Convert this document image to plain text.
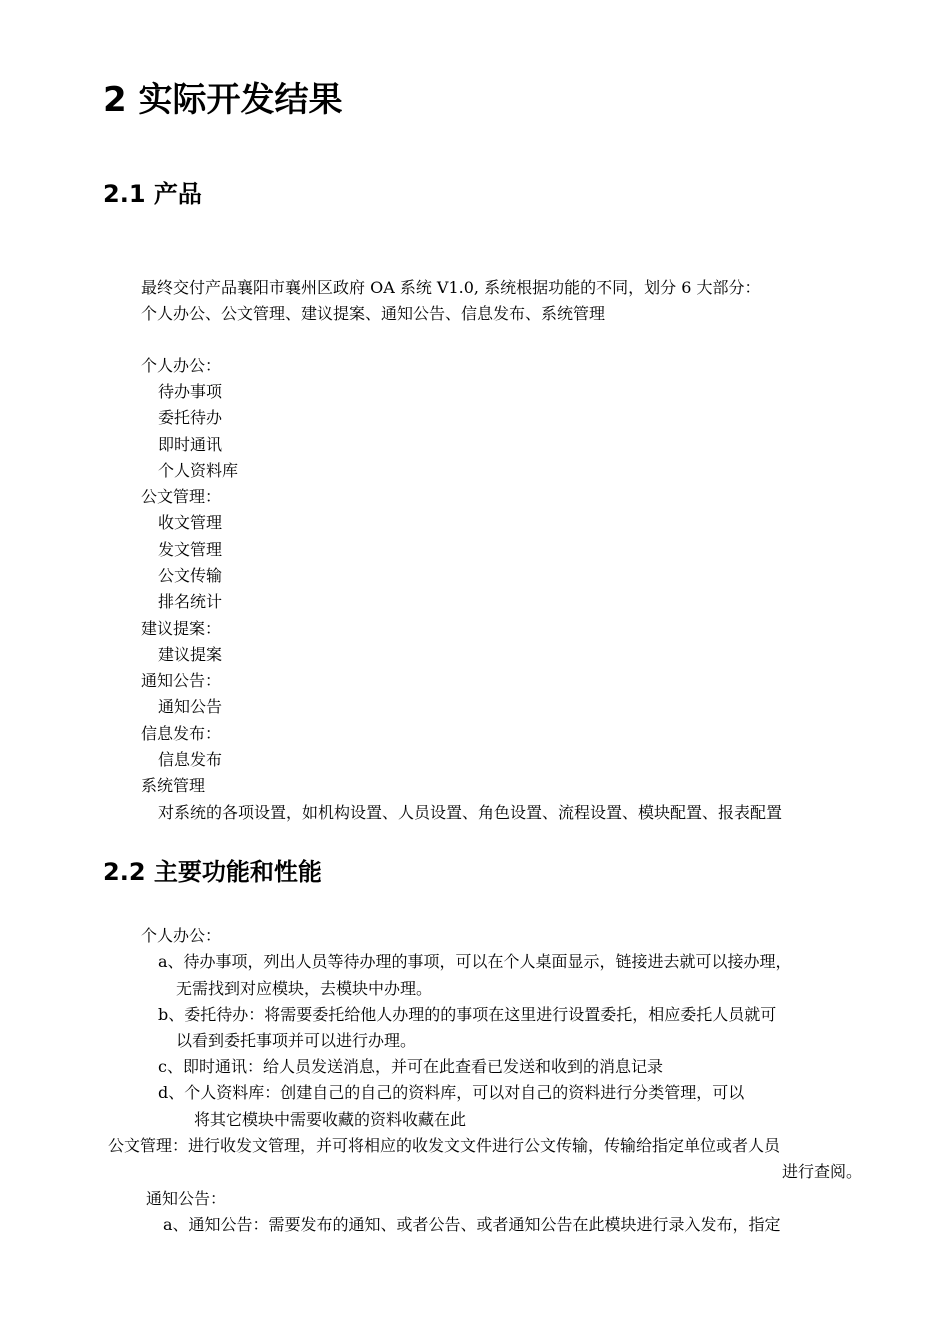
2 实际开发结果
2.1 产品

最终交付产品襄阳市襄州区政府 OA 系统 V1.0, 系统根据功能的不同，划分 6 大部分：

个人办公、公文管理、建议提案、通知公告、信息发布、系统管理

个人办公：

待办事项

委托待办

即时通讯

个人资料库

公文管理：

收文管理

发文管理

公文传输

排名统计

建议提案：

建议提案

通知公告：

通知公告

信息发布：

信息发布

系统管理

对系统的各项设置，如机构设置、人员设置、角色设置、流程设置、模块配置、报表配置

2.2 主要功能和性能

个人办公：

a、待办事项，列出人员等待办理的事项，可以在个人桌面显示，链接进去就可以接办理，

无需找到对应模块，去模块中办理。

b、委托待办：将需要委托给他人办理的的事项在这里进行设置委托，相应委托人员就可

以看到委托事项并可以进行办理。

c、即时通讯：给人员发送消息，并可在此查看已发送和收到的消息记录

d、个人资料库：创建自己的自己的资料库，可以对自己的资料进行分类管理，可以

将其它模块中需要收藏的资料收藏在此

公文管理：进行收发文管理，并可将相应的收发文文件进行公文传输，传输给指定单位或者人员

进行查阅。

通知公告：

a、通知公告：需要发布的通知、或者公告、或者通知公告在此模块进行录入发布，指定
